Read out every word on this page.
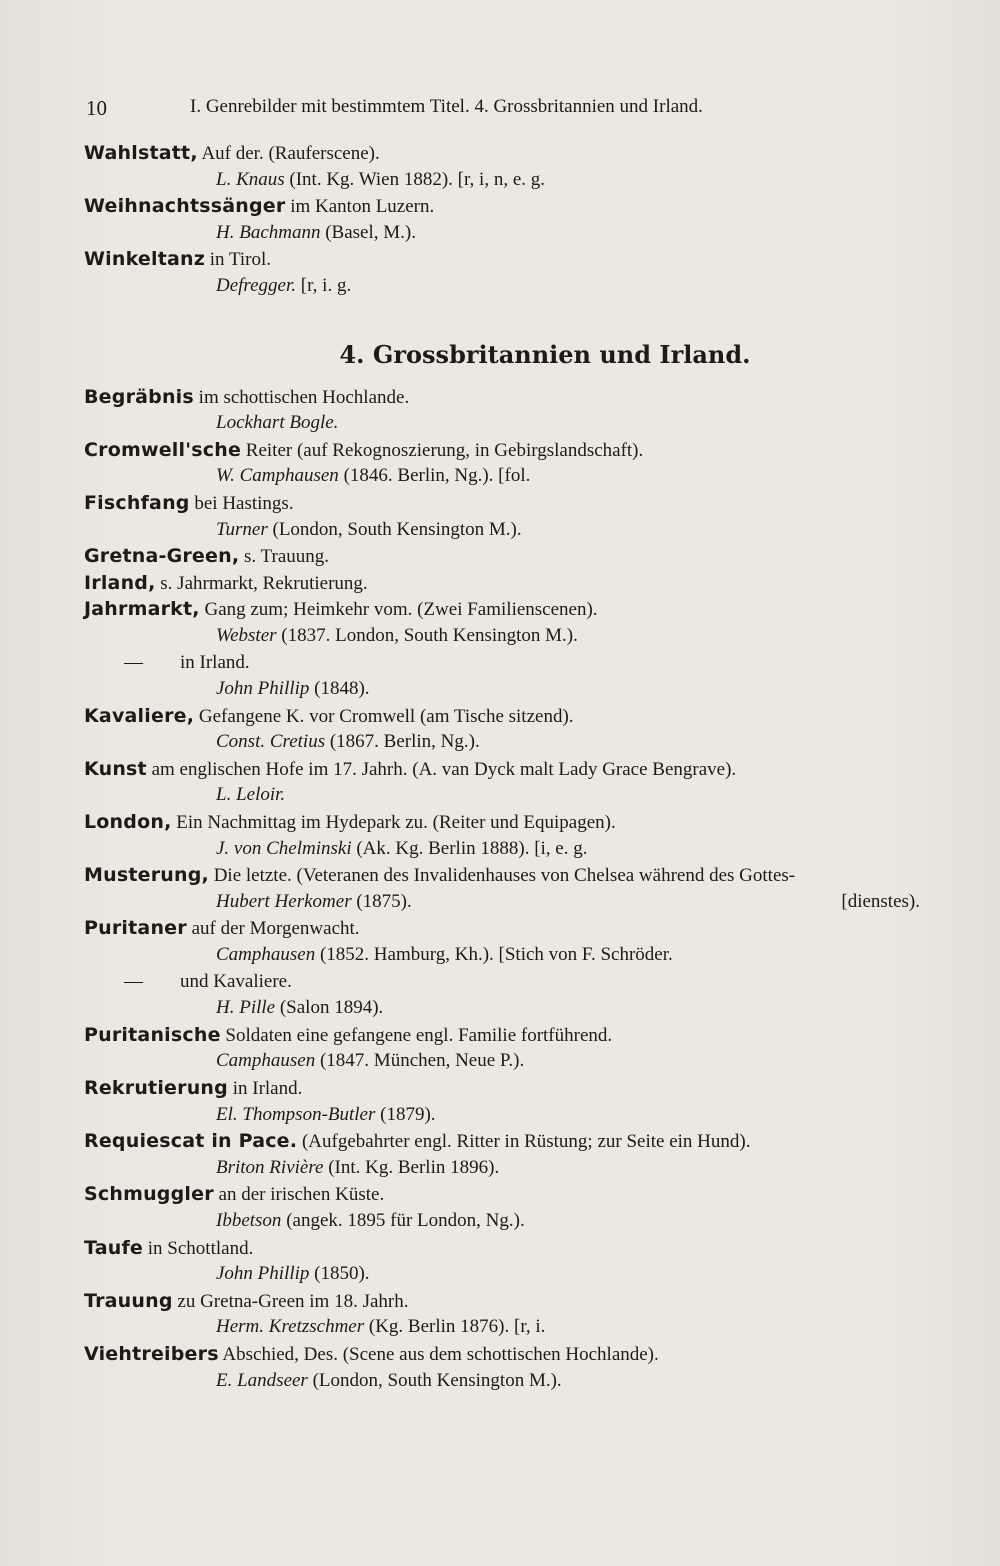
10	I. Genrebilder mit bestimmtem Titel. 4. Grossbritannien und Irland.
Wahlstatt, Auf der. (Rauferscene).
L. Knaus (Int. Kg. Wien 1882). [r, i, n, e. g.
Weihnachtssänger im Kanton Luzern.
H. Bachmann (Basel, M.).
Winkeltanz in Tirol.
Defregger. [r, i. g.
4. Grossbritannien und Irland.
Begräbnis im schottischen Hochlande.
Lockhart Bogle.
Cromwell'sche Reiter (auf Rekognoszierung, in Gebirgslandschaft).
W. Camphausen (1846. Berlin, Ng.). [fol.
Fischfang bei Hastings.
Turner (London, South Kensington M.).
Gretna-Green, s. Trauung.
Irland, s. Jahrmarkt, Rekrutierung.
Jahrmarkt, Gang zum; Heimkehr vom. (Zwei Familienscenen).
Webster (1837. London, South Kensington M.).
— in Irland.
John Phillip (1848).
Kavaliere, Gefangene K. vor Cromwell (am Tische sitzend).
Const. Cretius (1867. Berlin, Ng.).
Kunst am englischen Hofe im 17. Jahrh. (A. van Dyck malt Lady Grace Bengrave).
L. Leloir.
London, Ein Nachmittag im Hydepark zu. (Reiter und Equipagen).
J. von Chelminski (Ak. Kg. Berlin 1888). [i, e. g.
Musterung, Die letzte. (Veteranen des Invalidenhauses von Chelsea während des Gottes-
Hubert Herkomer (1875).	[dienstes).
Puritaner auf der Morgenwacht.
Camphausen (1852. Hamburg, Kh.). [Stich von F. Schröder.
— und Kavaliere.
H. Pille (Salon 1894).
Puritanische Soldaten eine gefangene engl. Familie fortführend.
Camphausen (1847. München, Neue P.).
Rekrutierung in Irland.
El. Thompson-Butler (1879).
Requiescat in Pace. (Aufgebahrter engl. Ritter in Rüstung; zur Seite ein Hund).
Briton Rivière (Int. Kg. Berlin 1896).
Schmuggler an der irischen Küste.
Ibbetson (angek. 1895 für London, Ng.).
Taufe in Schottland.
John Phillip (1850).
Trauung zu Gretna-Green im 18. Jahrh.
Herm. Kretzschmer (Kg. Berlin 1876). [r, i.
Viehtreibers Abschied, Des. (Scene aus dem schottischen Hochlande).
E. Landseer (London, South Kensington M.).
